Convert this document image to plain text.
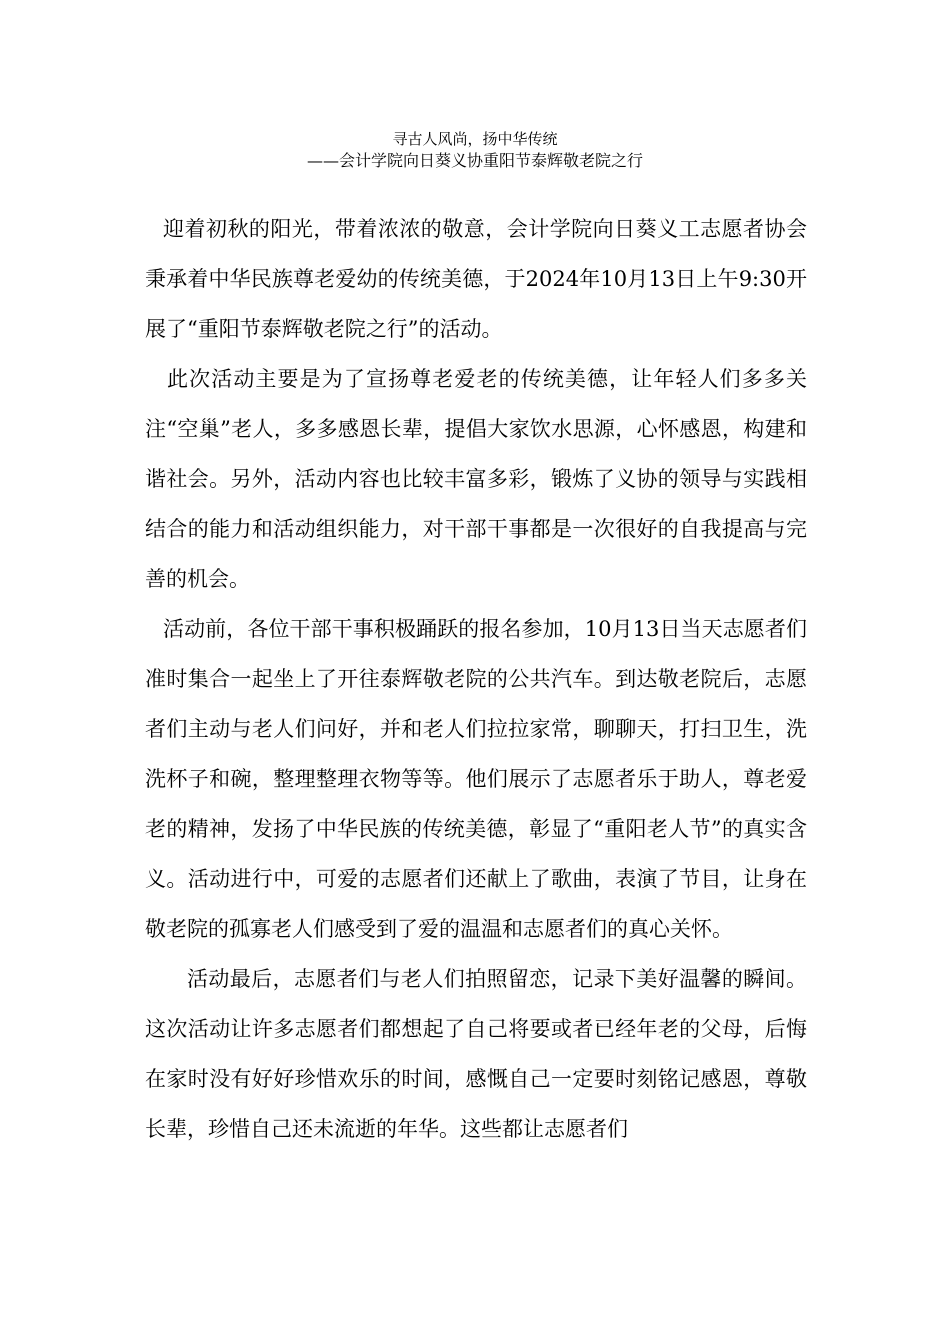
寻古人风尚，扬中华传统
——会计学院向日葵义协重阳节泰辉敬老院之行

迎着初秋的阳光，带着浓浓的敬意，会计学院向日葵义工志愿者协会秉承着中华民族尊老爱幼的传统美德，于2024年10月13日上午9:30开展了“重阳节泰辉敬老院之行”的活动。

此次活动主要是为了宣扬尊老爱老的传统美德，让年轻人们多多关注“空巢”老人，多多感恩长辈，提倡大家饮水思源，心怀感恩，构建和谐社会。另外，活动内容也比较丰富多彩，锻炼了义协的领导与实践相结合的能力和活动组织能力，对干部干事都是一次很好的自我提高与完善的机会。

活动前，各位干部干事积极踊跃的报名参加，10月13日当天志愿者们准时集合一起坐上了开往泰辉敬老院的公共汽车。到达敬老院后，志愿者们主动与老人们问好，并和老人们拉拉家常，聊聊天，打扫卫生，洗洗杯子和碗，整理整理衣物等等。他们展示了志愿者乐于助人，尊老爱老的精神，发扬了中华民族的传统美德，彰显了“重阳老人节”的真实含义。活动进行中，可爱的志愿者们还献上了歌曲，表演了节目，让身在敬老院的孤寡老人们感受到了爱的温温和志愿者们的真心关怀。

活动最后，志愿者们与老人们拍照留恋，记录下美好温馨的瞬间。这次活动让许多志愿者们都想起了自己将要或者已经年老的父母，后悔在家时没有好好珍惜欢乐的时间，感慨自己一定要时刻铭记感恩，尊敬长辈，珍惜自己还未流逝的年华。这些都让志愿者们
